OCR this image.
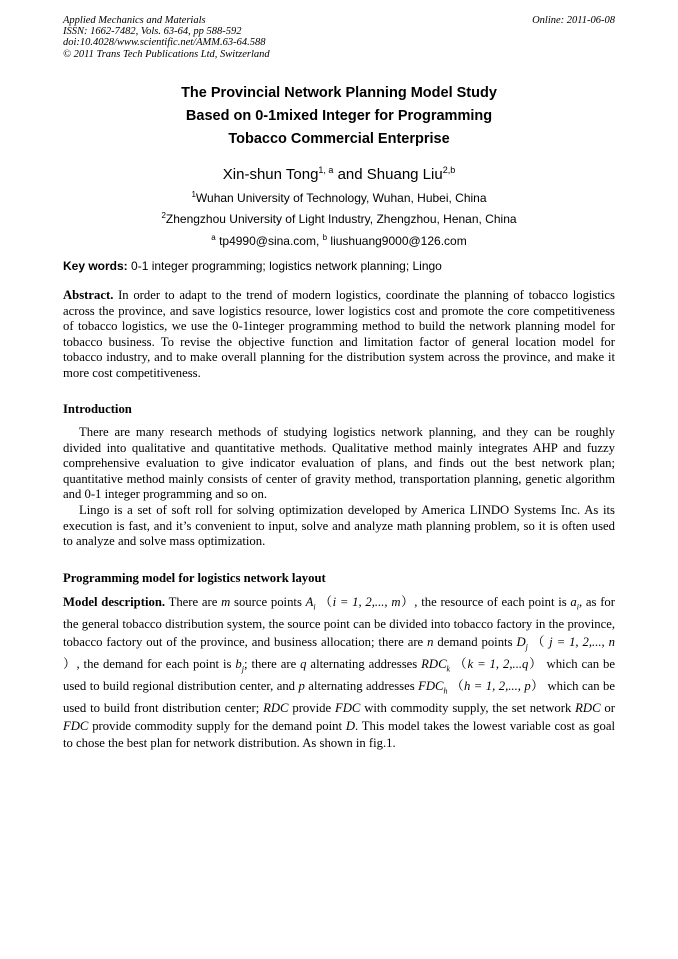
Applied Mechanics and Materials
ISSN: 1662-7482, Vols. 63-64, pp 588-592
doi:10.4028/www.scientific.net/AMM.63-64.588
© 2011 Trans Tech Publications Ltd, Switzerland
Online: 2011-06-08
The Provincial Network Planning Model Study
Based on 0-1mixed Integer for Programming
Tobacco Commercial Enterprise
Xin-shun Tong$^{1, a}$ and Shuang Liu$^{2,b}$
$^1$Wuhan University of Technology, Wuhan, Hubei, China
$^2$Zhengzhou University of Light Industry, Zhengzhou, Henan, China
$^a$ tp4990@sina.com, $^b$ liushuang9000@126.com
Key words: 0-1 integer programming; logistics network planning; Lingo
Abstract. In order to adapt to the trend of modern logistics, coordinate the planning of tobacco logistics across the province, and save logistics resource, lower logistics cost and promote the core competitiveness of tobacco logistics, we use the 0-1integer programming method to build the network planning model for tobacco business. To revise the objective function and limitation factor of general location model for tobacco industry, and to make overall planning for the distribution system across the province, and make it more cost competitiveness.
Introduction
There are many research methods of studying logistics network planning, and they can be roughly divided into qualitative and quantitative methods. Qualitative method mainly integrates AHP and fuzzy comprehensive evaluation to give indicator evaluation of plans, and finds out the best network plan; quantitative method mainly consists of center of gravity method, transportation planning, genetic algorithm and 0-1 integer programming and so on.
Lingo is a set of soft roll for solving optimization developed by America LINDO Systems Inc. As its execution is fast, and it’s convenient to input, solve and analyze math planning problem, so it is often used to analyze and solve mass optimization.
Programming model for logistics network layout
Model description. There are m source points $A_i$ （i = 1, 2,..., m）, the resource of each point is $a_i$, as for the general tobacco distribution system, the source point can be divided into tobacco factory in the province, tobacco factory out of the province, and business allocation; there are n demand points $D_j$ （ j = 1, 2,..., n ）, the demand for each point is $b_j$; there are q alternating addresses $RDC_k$ （k = 1, 2,...q） which can be used to build regional distribution center, and p alternating addresses $FDC_h$ （h = 1, 2,..., p） which can be used to build front distribution center; RDC provide FDC with commodity supply, the set network RDC or FDC provide commodity supply for the demand point D. This model takes the lowest variable cost as goal to chose the best plan for network distribution. As shown in fig.1.
